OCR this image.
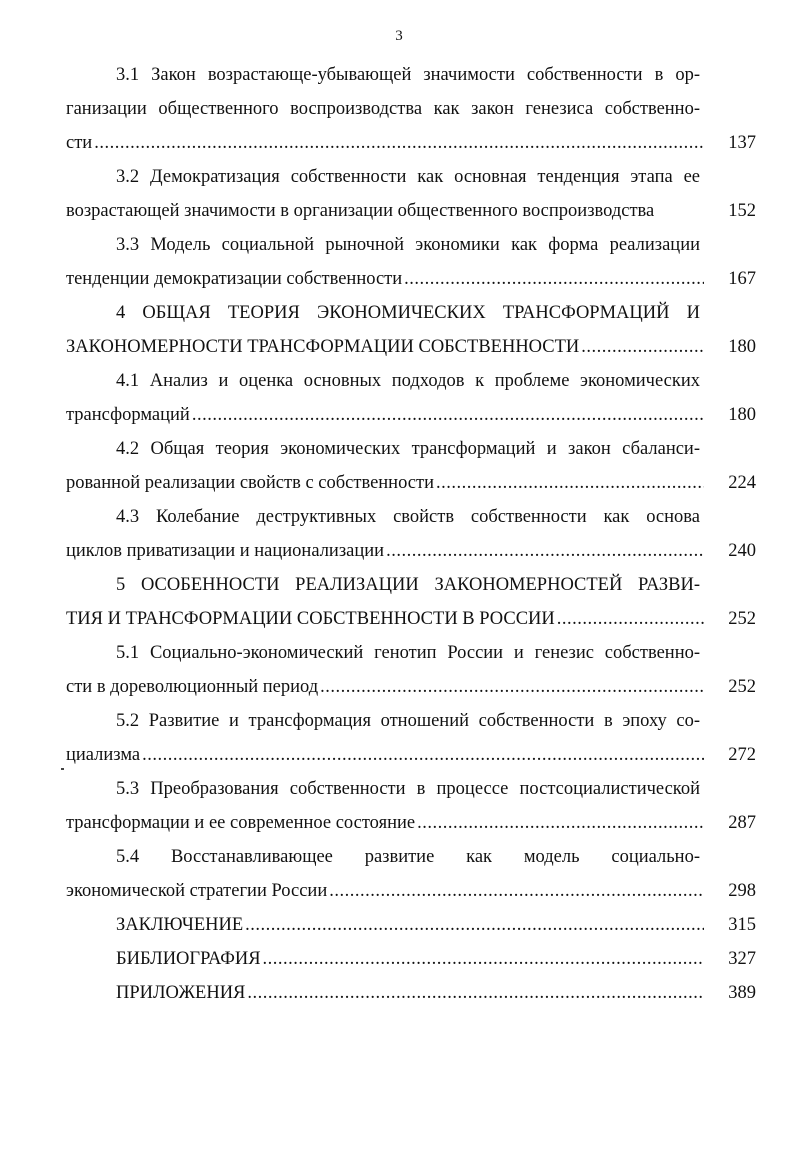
3
3.1 Закон возрастающе-убывающей значимости собственности в ор-
ганизации общественного воспроизводства как закон генезиса собственно-
сти .....	137
3.2 Демократизация собственности как основная тенденция этапа ее
возрастающей значимости в организации общественного воспроизводства	152
3.3 Модель социальной рыночной экономики как форма реализации
тенденции демократизации собственности .....	167
4 ОБЩАЯ ТЕОРИЯ ЭКОНОМИЧЕСКИХ ТРАНСФОРМАЦИЙ И
ЗАКОНОМЕРНОСТИ ТРАНСФОРМАЦИИ СОБСТВЕННОСТИ .....	180
4.1 Анализ и оценка основных подходов к проблеме экономических
трансформаций .....	180
4.2 Общая теория экономических трансформаций и закон сбаланси-
рованной реализации свойств с собственности .....	224
4.3 Колебание деструктивных свойств собственности как основа
циклов приватизации и национализации .....	240
5 ОСОБЕННОСТИ РЕАЛИЗАЦИИ ЗАКОНОМЕРНОСТЕЙ РАЗВИ-
ТИЯ И ТРАНСФОРМАЦИИ СОБСТВЕННОСТИ В РОССИИ .....	252
5.1 Социально-экономический генотип России и генезис собственно-
сти в дореволюционный период .....	252
5.2 Развитие и трансформация отношений собственности в эпоху со-
циализма .....	272
5.3 Преобразования собственности в процессе постсоциалистической
трансформации и ее современное состояние .....	287
5.4 Восстанавливающее развитие как модель социально-
экономической стратегии России .....	298
ЗАКЛЮЧЕНИЕ .....	315
БИБЛИОГРАФИЯ .....	327
ПРИЛОЖЕНИЯ .....	389
